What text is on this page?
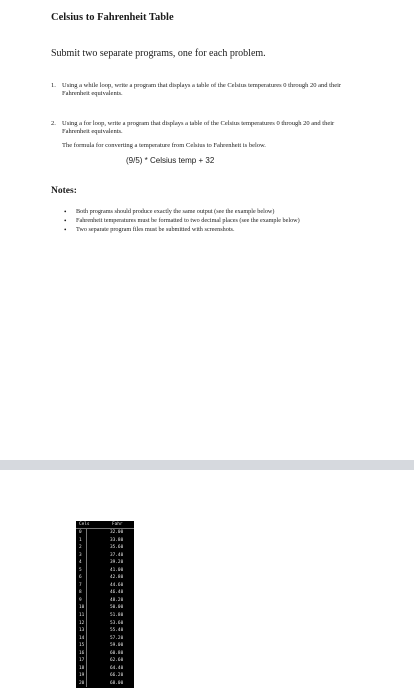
Celsius to Fahrenheit Table
Submit two separate programs, one for each problem.
1. Using a while loop, write a program that displays a table of the Celsius temperatures 0 through 20 and their Fahrenheit equivalents.
2. Using a for loop, write a program that displays a table of the Celsius temperatures 0 through 20 and their Fahrenheit equivalents.
The formula for converting a temperature from Celsius to Fahrenheit is below.
(9/5) * Celsius temp + 32
Notes:
• Both programs should produce exactly the same output (see the example below)
• Fahrenheit temperatures must be formatted to two decimal places (see the example below)
• Two separate program files must be submitted with screenshots.
Cels	Fahr
0	32.00
1	33.80
2	35.60
3	37.40
4	39.20
5	41.00
6	42.80
7	44.60
8	46.40
9	48.20
10	50.00
11	51.80
12	53.60
13	55.40
14	57.20
15	59.00
16	60.80
17	62.60
18	64.40
19	66.20
20	68.00
